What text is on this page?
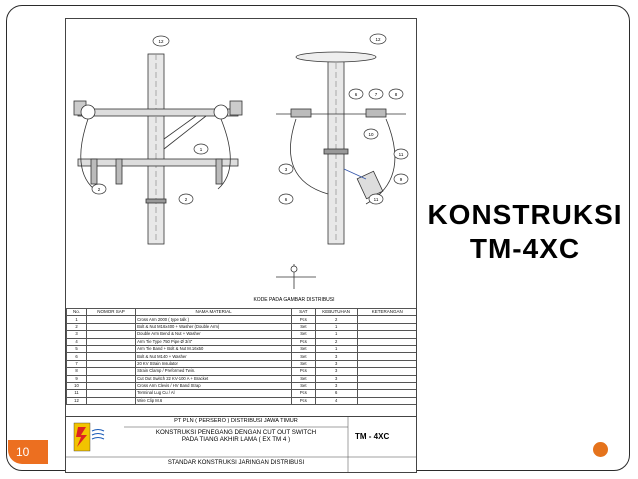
12
1
2
2
12
6	7	8
10
11
3
9
6	11
KODE PADA GAMBAR DISTRIBUSI
No.	NOMOR SAP	NAMA MATERIAL	SAT	KEBUTUHAN	KETERANGAN
1		Cross Arm 2000 ( type talk )	Pcs	2	
2		Bolt & Nut M16x400 + Washer (Double Arm)	Set	1	
3		Double Arm Bend & Nut + Washer	Set	1	
4		Arm Tie Type 750 Pipe Ø 3/4"	Pcs	2	
5		Arm Tie Band + Bolt & Nut M.16x50	Set	1	
6		Bolt & Nut M140 + Washer	Set	3	
7		20 KV Strain Insulator	Set	3	
8		Strain Clamp / Preformed Twin.	Pcs	3	
9		Cut Out Switch 22 KV-100 A + Bracket	Set	3	
10		Cross Arm Clevis / HV Band Strap	Set	3	
11		Terminal Lug Cu / Al	Pcs	6	
12		Wire Clip M.6	Pcs	4	
PT PLN ( PERSERO ) DISTRIBUSI JAWA TIMUR
KONSTRUKSI PENEGANG DENGAN CUT OUT SWITCH
PADA TIANG AKHIR LAMA ( EX TM 4 )
STANDAR KONSTRUKSI JARINGAN DISTRIBUSI
TM - 4XC
KONSTRUKSI
TM-4XC
10
